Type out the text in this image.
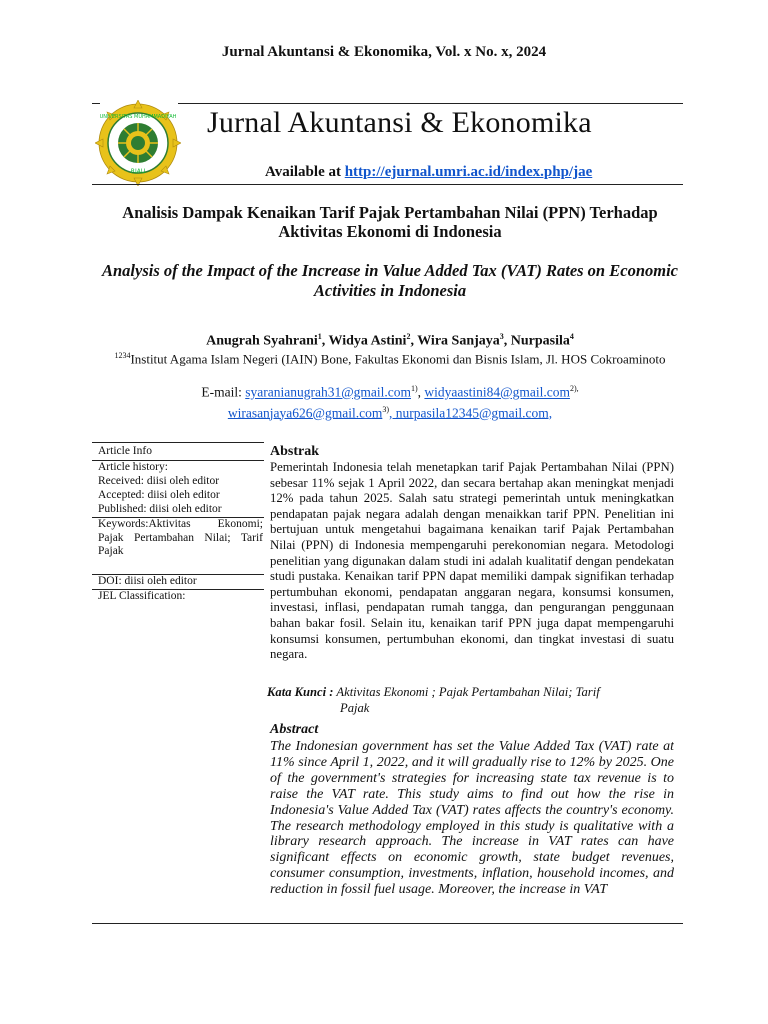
Jurnal Akuntansi & Ekonomika, Vol. x No. x, 2024
UNIVERSITAS MUHAMMADIYAH
RIAU
Jurnal Akuntansi & Ekonomika
Available at http://ejurnal.umri.ac.id/index.php/jae
Analisis Dampak Kenaikan Tarif Pajak Pertambahan Nilai (PPN) Terhadap Aktivitas Ekonomi di Indonesia
Analysis of the Impact of the Increase in Value Added Tax (VAT) Rates on Economic Activities in Indonesia
Anugrah Syahrani$^1$, Widya Astini$^2$, Wira Sanjaya$^3$, Nurpasila$^4$
$^{1234}$Institut Agama Islam Negeri (IAIN) Bone, Fakultas Ekonomi dan Bisnis Islam, Jl. HOS Cokroaminoto
E-mail: syaranianugrah31@gmail.com$^{1)}$, widyaastini84@gmail.com$^{2),}$
wirasanjaya626@gmail.com$^{3)}$, nurpasila12345@gmail.com,
Article Info
Article history:
Received: diisi oleh editor
Accepted: diisi oleh editor
Published: diisi oleh editor
Keywords:Aktivitas Ekonomi; Pajak Pertambahan Nilai; Tarif Pajak
DOI: diisi oleh editor
JEL Classification:
Abstrak
Pemerintah Indonesia telah menetapkan tarif Pajak Pertambahan Nilai (PPN) sebesar 11% sejak 1 April 2022, dan secara bertahap akan meningkat menjadi 12% pada tahun 2025. Salah satu strategi pemerintah untuk meningkatkan pendapatan pajak negara adalah dengan menaikkan tarif PPN. Penelitian ini bertujuan untuk mengetahui bagaimana kenaikan tarif Pajak Pertambahan Nilai (PPN) di Indonesia mempengaruhi perekonomian negara. Metodologi penelitian yang digunakan dalam studi ini adalah kualitatif dengan pendekatan studi pustaka. Kenaikan tarif PPN dapat memiliki dampak signifikan terhadap pertumbuhan ekonomi, pendapatan anggaran negara, konsumsi konsumen, investasi, inflasi, pendapatan rumah tangga, dan pengurangan penggunaan bahan bakar fosil. Selain itu, kenaikan tarif PPN juga dapat mempengaruhi konsumsi konsumen, pertumbuhan ekonomi, dan tingkat investasi di suatu negara.
Kata Kunci : Aktivitas Ekonomi ; Pajak Pertambahan Nilai; Tarif
Pajak
Abstract
The Indonesian government has set the Value Added Tax (VAT) rate at 11% since April 1, 2022, and it will gradually rise to 12% by 2025. One of the government's strategies for increasing state tax revenue is to raise the VAT rate. This study aims to find out how the rise in Indonesia's Value Added Tax (VAT) rates affects the country's economy. The research methodology employed in this study is qualitative with a library research approach. The increase in VAT rates can have significant effects on economic growth, state budget revenues, consumer consumption, investments, inflation, household incomes, and reduction in fossil fuel usage. Moreover, the increase in VAT
